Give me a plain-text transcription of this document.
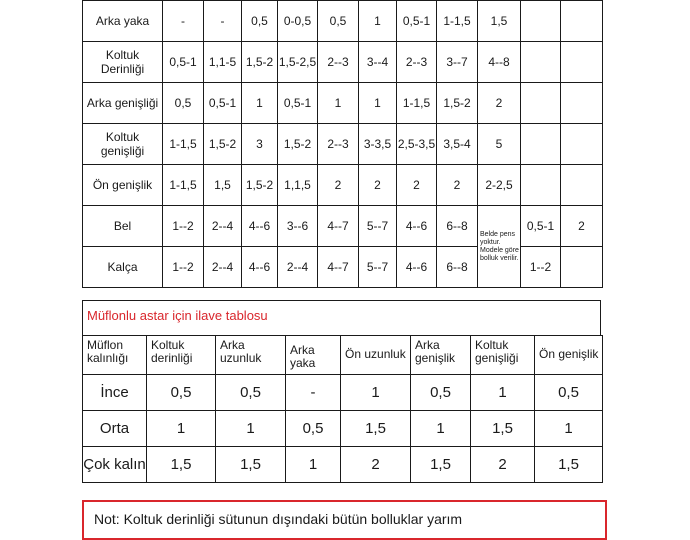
Arka yaka	-	-	0,5	0-0,5	0,5	1	0,5-1	1-1,5	1,5		
Koltuk Derinliği	0,5-1	1,1-5	1,5-2	1,5-2,5	2--3	3--4	2--3	3--7	4--8		
Arka genişliği	0,5	0,5-1	1	0,5-1	1	1	1-1,5	1,5-2	2		
Koltuk genişliği	1-1,5	1,5-2	3	1,5-2	2--3	3-3,5	2,5-3,5	3,5-4	5		
Ön genişlik	1-1,5	1,5	1,5-2	1,1,5	2	2	2	2	2-2,5		
Bel	1--2	2--4	4--6	3--6	4--7	5--7	4--6	6--8	Belde pens yoktur. Modele göre bolluk verilir.	0,5-1	2
Kalça	1--2	2--4	4--6	2--4	4--7	5--7	4--6	6--8		1--2	
Müflonlu astar için ilave tablosu
Müflon kalınlığı	Koltuk derinliği	Arka uzunluk	Arka yaka	Ön uzunluk	Arka genişlik	Koltuk genişliği	Ön genişlik
İnce	0,5	0,5	-	1	0,5	1	0,5
Orta	1	1	0,5	1,5	1	1,5	1
Çok kalın	1,5	1,5	1	2	1,5	2	1,5
Not: Koltuk derinliği sütunun dışındaki bütün bolluklar yarım
